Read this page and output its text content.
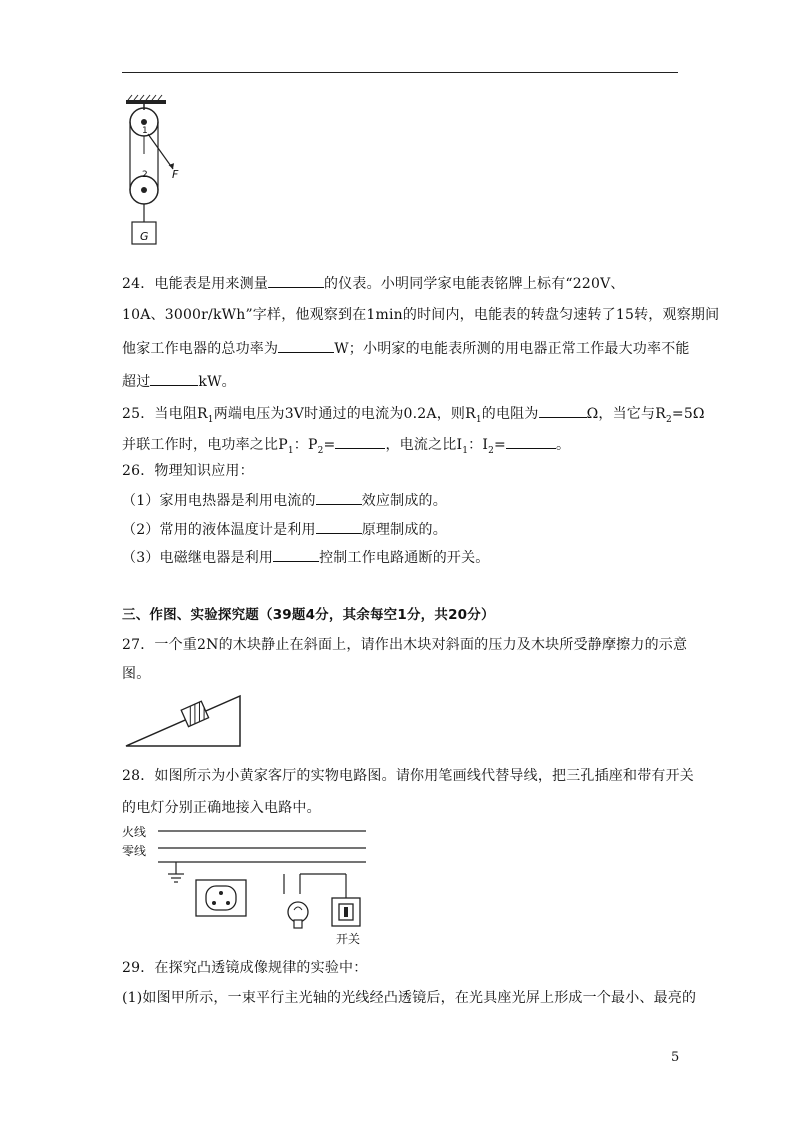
1
2 F
G
24．电能表是用来测量	的仪表。小明同学家电能表铭牌上标有“220V、
10A、3000r/kWh”字样，他观察到在1min的时间内，电能表的转盘匀速转了15转，观察期间
他家工作电器的总功率为	W；小明家的电能表所测的用电器正常工作最大功率不能
超过	kW。
25．当电阻$R_1$两端电压为3V时通过的电流为0.2A，则$R_1$的电阻为	Ω，当它与$R_2=5\Omega$
并联工作时，电功率之比$P_1$：$P_2=$	，电流之比$I_1$：$I_2=$	。
26．物理知识应用：
（1）家用电热器是利用电流的	效应制成的。
（2）常用的液体温度计是利用	原理制成的。
（3）电磁继电器是利用	控制工作电路通断的开关。
三、作图、实验探究题（39题4分，其余每空1分，共20分）
27．一个重2N的木块静止在斜面上，请作出木块对斜面的压力及木块所受静摩擦力的示意
图。
28．如图所示为小黄家客厅的实物电路图。请你用笔画线代替导线，把三孔插座和带有开关
的电灯分别正确地接入电路中。
火线
零线
开关
29．在探究凸透镜成像规律的实验中：
(1)如图甲所示，一束平行主光轴的光线经凸透镜后，在光具座光屏上形成一个最小、最亮的
5
